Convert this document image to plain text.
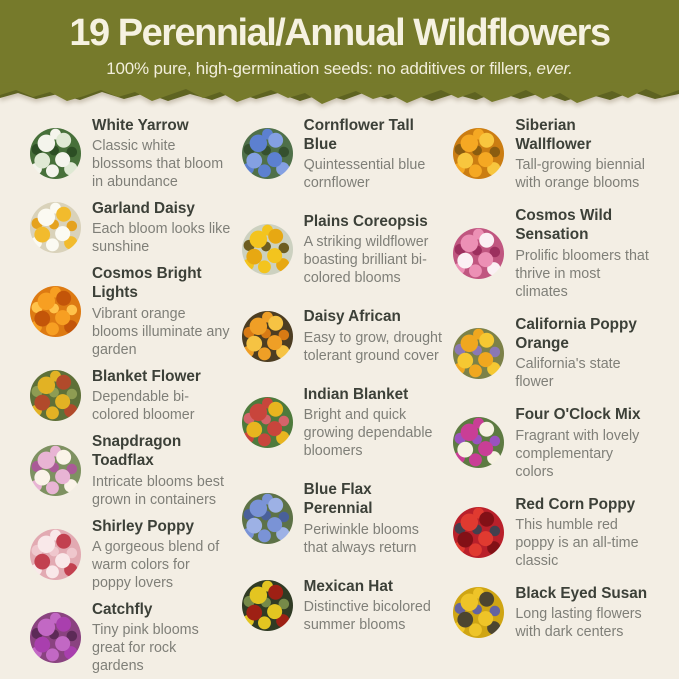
19 Perennial/Annual Wildflowers

100% pure, high-germination seeds: no additives or fillers, ever.

White Yarrow
Classic white blossoms that bloom in abundance
Garland Daisy
Each bloom looks like sunshine
Cosmos Bright Lights
Vibrant orange blooms illuminate any garden
Blanket Flower
Dependable bi-colored bloomer
Snapdragon Toadflax
Intricate blooms best grown in containers
Shirley Poppy
A gorgeous blend of warm colors for poppy lovers
Catchfly
Tiny pink blooms great for rock gardens
Cornflower Tall Blue
Quintessential blue cornflower
Plains Coreopsis
A striking wildflower boasting brilliant bi-colored blooms
Daisy African
Easy to grow, drought tolerant ground cover
Indian Blanket
Bright and quick growing dependable bloomers
Blue Flax Perennial
Periwinkle blooms that always return
Mexican Hat
Distinctive bicolored summer blooms
Siberian Wallflower
Tall-growing biennial with orange blooms
Cosmos Wild Sensation
Prolific bloomers that thrive in most climates
California Poppy Orange
California's state flower
Four O'Clock Mix
Fragrant with lovely complementary colors
Red Corn Poppy
This humble red poppy is an all-time classic
Black Eyed Susan
Long lasting flowers with dark centers
